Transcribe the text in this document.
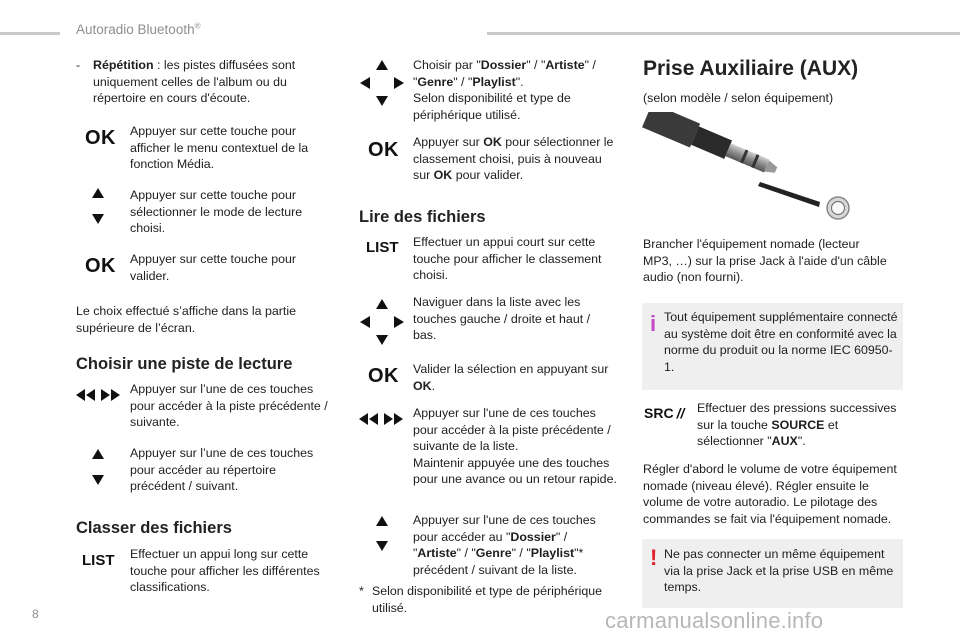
Autoradio Bluetooth®
-	Répétition : les pistes diffusées sont uniquement celles de l'album ou du répertoire en cours d'écoute.
OK Appuyer sur cette touche pour afficher le menu contextuel de la fonction Média.
Appuyer sur cette touche pour sélectionner le mode de lecture choisi.
OK Appuyer sur cette touche pour valider.
Le choix effectué s’affiche dans la partie supérieure de l’écran.
Choisir une piste de lecture
Appuyer sur l’une de ces touches pour accéder à la piste précédente / suivante.
Appuyer sur l’une de ces touches pour accéder au répertoire précédent / suivant.
Classer des fichiers
LIST Effectuer un appui long sur cette touche pour afficher les différentes classifications.
Choisir par "Dossier" / "Artiste" / "Genre" / "Playlist".
Selon disponibilité et type de périphérique utilisé.
OK Appuyer sur OK pour sélectionner le classement choisi, puis à nouveau sur OK pour valider.
Lire des fichiers
LIST Effectuer un appui court sur cette touche pour afficher le classement choisi.
Naviguer dans la liste avec les touches gauche / droite et haut / bas.
OK Valider la sélection en appuyant sur OK.
Appuyer sur l'une de ces touches pour accéder à la piste précédente / suivante de la liste.
Maintenir appuyée une des touches pour une avance ou un retour rapide.
Appuyer sur l'une de ces touches pour accéder au "Dossier" / "Artiste" / "Genre" / "Playlist"* précédent / suivant de la liste.
* Selon disponibilité et type de périphérique utilisé.
Prise Auxiliaire (AUX)
(selon modèle / selon équipement)
Brancher l'équipement nomade (lecteur MP3, …) sur la prise Jack à l'aide d'un câble audio (non fourni).
i Tout équipement supplémentaire connecté au système doit être en conformité avec la norme du produit ou la norme IEC 60950-1.
SRC // Effectuer des pressions successives sur la touche SOURCE et sélectionner "AUX".
Régler d'abord le volume de votre équipement nomade (niveau élevé). Régler ensuite le volume de votre autoradio. Le pilotage des commandes se fait via l'équipement nomade.
! Ne pas connecter un même équipement via la prise Jack et la prise USB en même temps.
8	carmanualsonline.info
